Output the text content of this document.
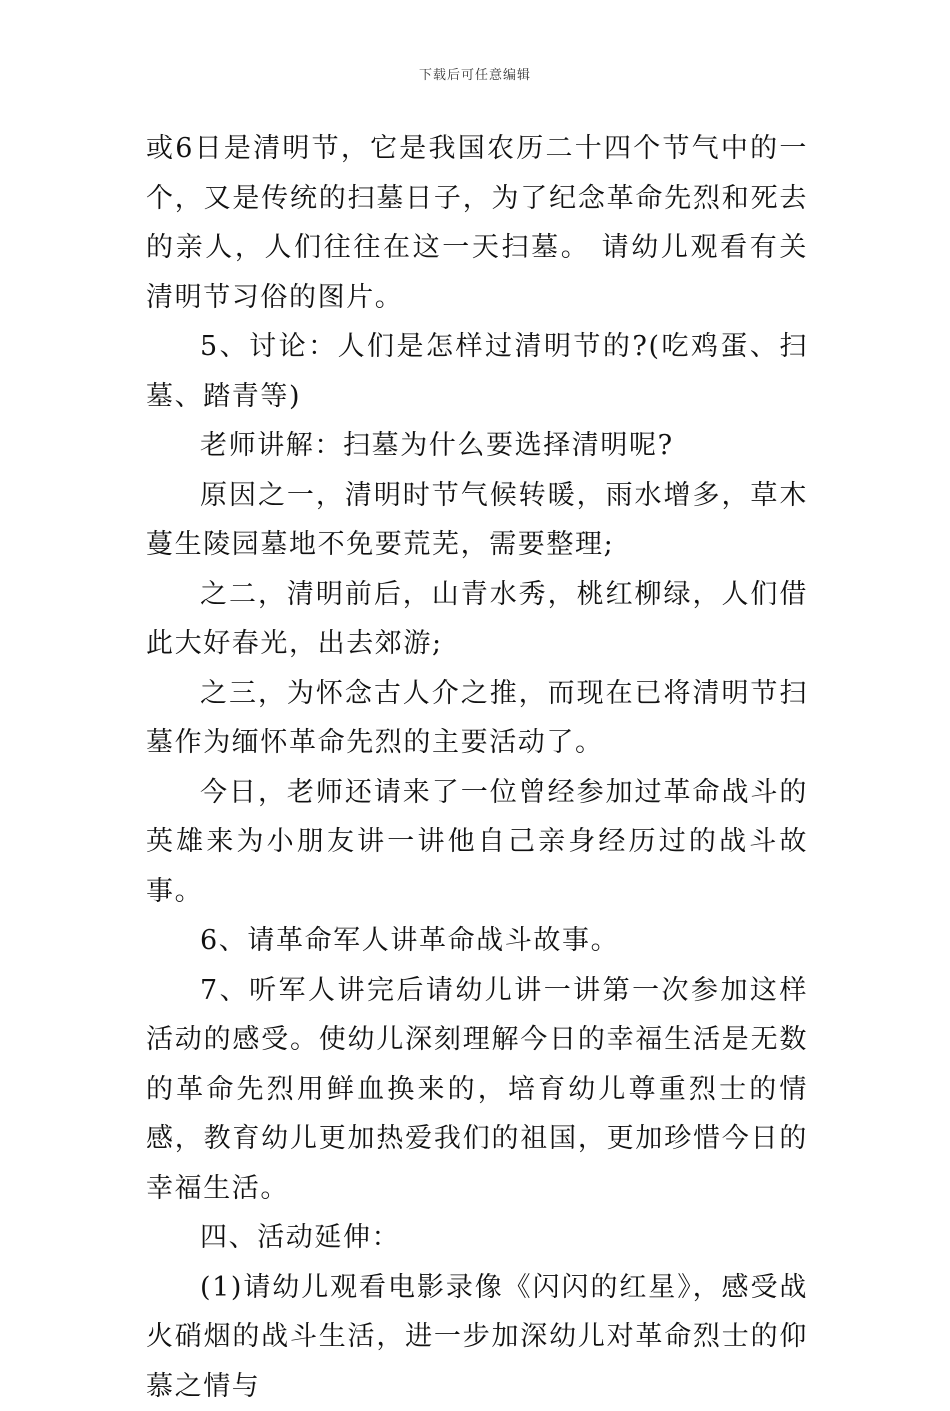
下载后可任意编辑

或6日是清明节，它是我国农历二十四个节气中的一个，又是传统的扫墓日子，为了纪念革命先烈和死去的亲人，人们往往在这一天扫墓。 请幼儿观看有关清明节习俗的图片。

5、讨论：人们是怎样过清明节的?(吃鸡蛋、扫墓、踏青等)

老师讲解：扫墓为什么要选择清明呢?

原因之一，清明时节气候转暖，雨水增多，草木蔓生陵园墓地不免要荒芜，需要整理;

之二，清明前后，山青水秀，桃红柳绿，人们借此大好春光，出去郊游;

之三，为怀念古人介之推，而现在已将清明节扫墓作为缅怀革命先烈的主要活动了。

今日，老师还请来了一位曾经参加过革命战斗的英雄来为小朋友讲一讲他自己亲身经历过的战斗故事。

6、请革命军人讲革命战斗故事。

7、听军人讲完后请幼儿讲一讲第一次参加这样活动的感受。使幼儿深刻理解今日的幸福生活是无数的革命先烈用鲜血换来的，培育幼儿尊重烈士的情感，教育幼儿更加热爱我们的祖国，更加珍惜今日的幸福生活。

四、活动延伸：

(1)请幼儿观看电影录像《闪闪的红星》，感受战火硝烟的战斗生活，进一步加深幼儿对革命烈士的仰慕之情与
